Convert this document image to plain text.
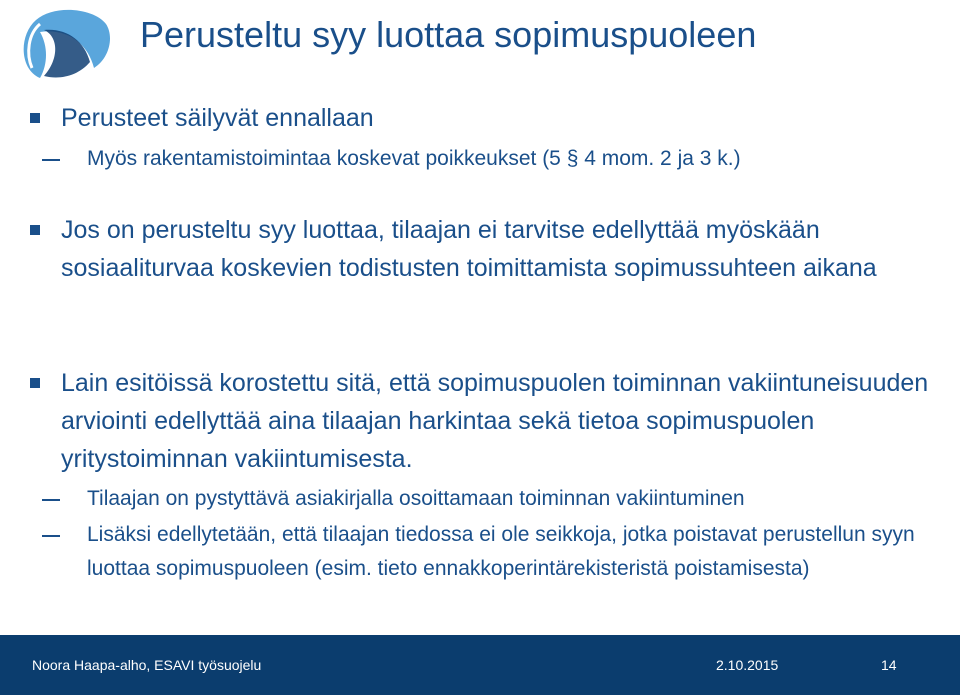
Perusteltu syy luottaa sopimuspuoleen
Perusteet säilyvät ennallaan
Myös rakentamistoimintaa koskevat poikkeukset (5 § 4 mom. 2 ja 3 k.)
Jos on perusteltu syy luottaa, tilaajan ei tarvitse edellyttää myöskään sosiaaliturvaa koskevien todistusten toimittamista sopimussuhteen aikana
Lain esitöissä korostettu sitä, että sopimuspuolen toiminnan vakiintuneisuuden arviointi edellyttää aina tilaajan harkintaa sekä tietoa sopimuspuolen yritystoiminnan vakiintumisesta.
Tilaajan on pystyttävä asiakirjalla osoittamaan toiminnan vakiintuminen
Lisäksi edellytetään, että tilaajan tiedossa ei ole seikkoja, jotka poistavat perustellun syyn luottaa sopimuspuoleen (esim. tieto ennakkoperintärekisteristä poistamisesta)
Noora Haapa-alho, ESAVI työsuojelu	2.10.2015	14
